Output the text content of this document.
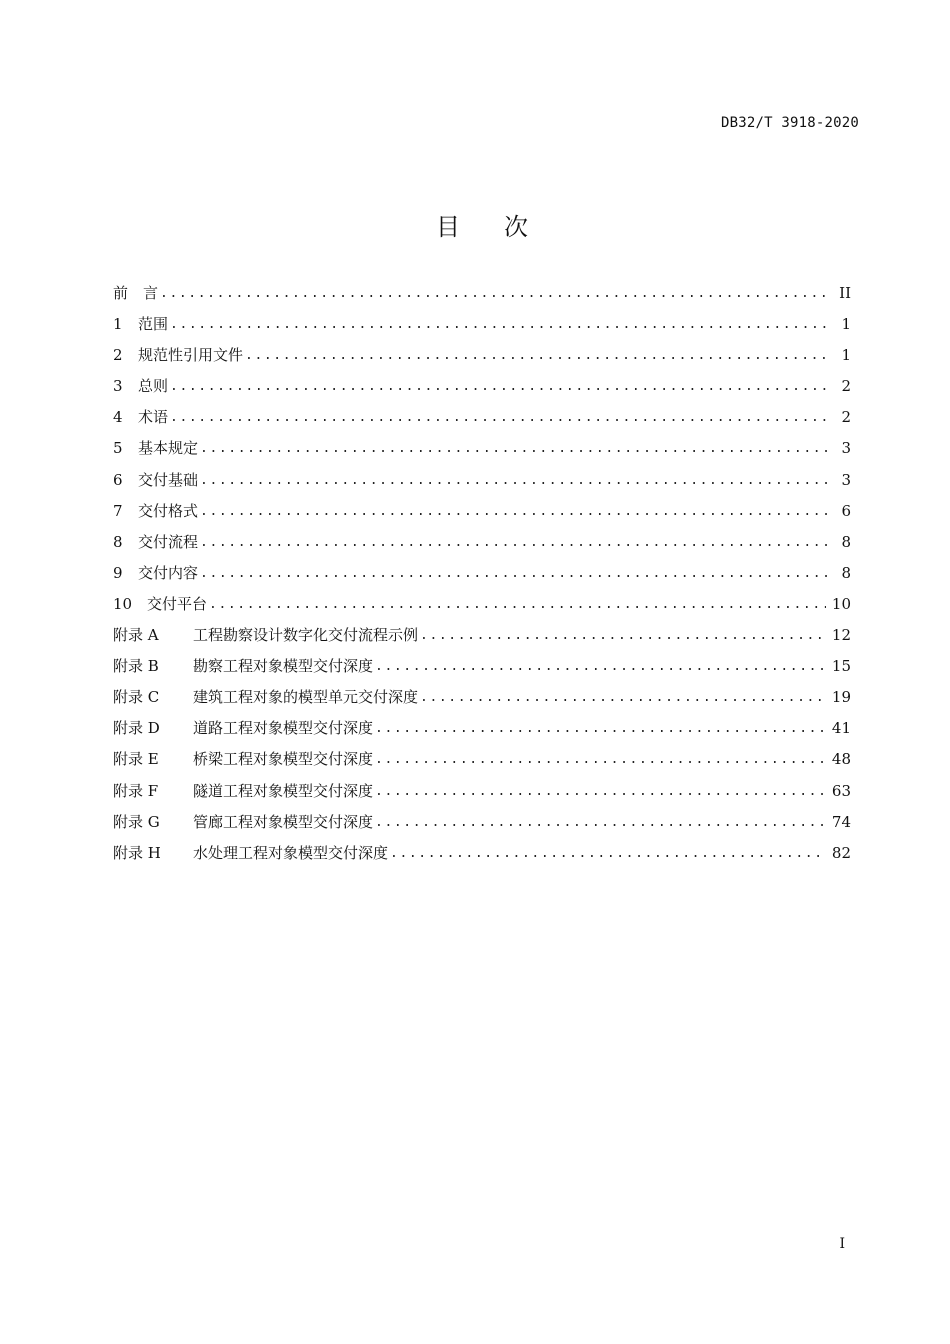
DB32/T 3918-2020
目 次
前 言 .....	II
1	范围 .....	1
2	规范性引用文件 .....	1
3	总则 .....	2
4	术语 .....	2
5	基本规定 .....	3
6	交付基础 .....	3
7	交付格式 .....	6
8	交付流程 .....	8
9	交付内容 .....	8
10 交付平台 .....	10
附录 A	工程勘察设计数字化交付流程示例 .....	12
附录 B	勘察工程对象模型交付深度 .....	15
附录 C	建筑工程对象的模型单元交付深度 .....	19
附录 D	道路工程对象模型交付深度 .....	41
附录 E	桥梁工程对象模型交付深度 .....	48
附录 F	隧道工程对象模型交付深度 .....	63
附录 G	管廊工程对象模型交付深度 .....	74
附录 H	水处理工程对象模型交付深度 .....	82
I
